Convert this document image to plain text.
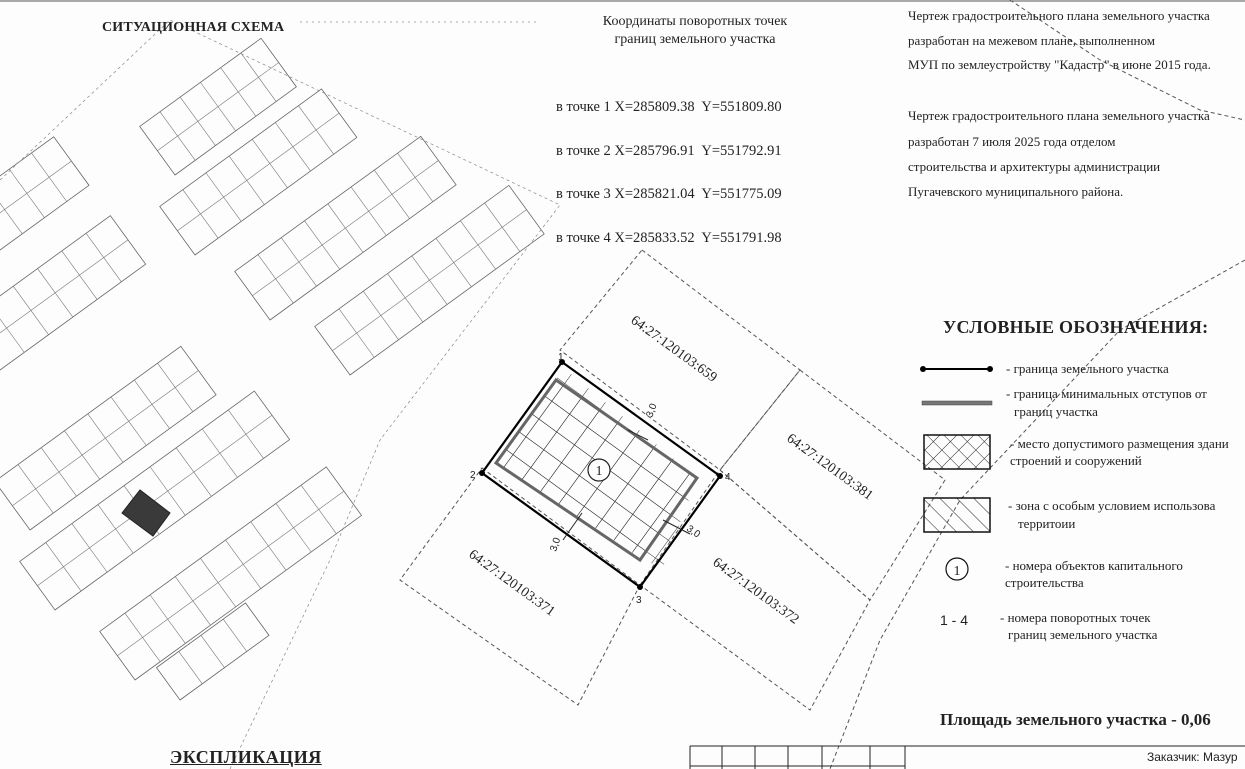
1
1
2
3
4
3,0
3,0
3,0
64:27:120103:659
64:27:120103:381
64:27:120103:371	64:27:120103:372	1
СИТУАЦИОННАЯ СХЕМА	Координаты поворотных точек
границ земельного участка

в точке 1 X=285809.38  Y=551809.80

в точке 2 X=285796.91  Y=551792.91

в точке 3 X=285821.04  Y=551775.09

в точке 4 X=285833.52  Y=551791.98

Чертеж градостроительного плана земельного участка
разработан на межевом плане, выполненном
МУП по землеустройству "Кадастр" в июне 2015 года.
Чертеж градостроительного плана земельного участка
разработан 7 июля 2025 года отделом
строительства и архитектуры администрации
Пугачевского муниципального района.
УСЛОВНЫЕ ОБОЗНАЧЕНИЯ:
- граница земельного участка
- граница минимальных отступов от
границ участка
- место допустимого размещения здани
строений и сооружений
- зона с особым условием использова
территоии
- номера объектов капитального
строительства
1 - 4 - номера поворотных точек
границ земельного участка
Площадь земельного участка - 0,06
ЭКСПЛИКАЦИЯ	Заказчик: Мазур
